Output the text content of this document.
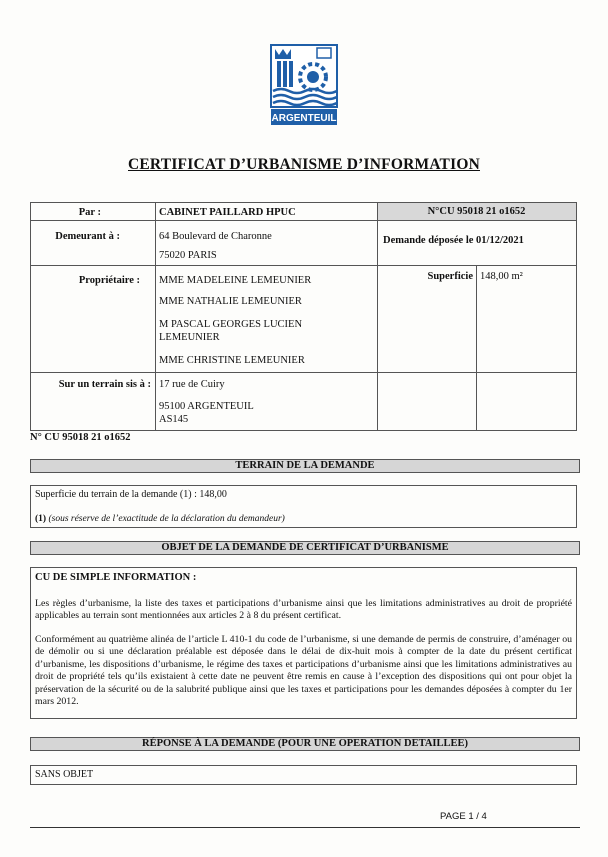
ARGENTEUIL
CERTIFICAT D’URBANISME D’INFORMATION
N°CU 95018 21 o1652
Par :	CABINET PAILLARD HPUC
Demeurant à :	64 Boulevard de Charonne
75020 PARIS
Demande déposée le 01/12/2021
Propriétaire : MME MADELEINE LEMEUNIER
MME NATHALIE LEMEUNIER
M PASCAL GEORGES LUCIEN LEMEUNIER
MME CHRISTINE LEMEUNIER
Superficie 148,00 m²
Sur un terrain sis à : 17 rue de Cuiry
95100 ARGENTEUIL
AS145
N° CU 95018 21 o1652
TERRAIN DE LA DEMANDE
Superficie du terrain de la demande (1) : 148,00
(1) (sous réserve de l’exactitude de la déclaration du demandeur)
OBJET DE LA DEMANDE DE CERTIFICAT D’URBANISME
CU DE SIMPLE INFORMATION :
Les règles d’urbanisme, la liste des taxes et participations d’urbanisme ainsi que les limitations administratives au droit de propriété applicables au terrain sont mentionnées aux articles 2 à 8 du présent certificat.
Conformément au quatrième alinéa de l’article L 410-1 du code de l’urbanisme, si une demande de permis de construire, d’aménager ou de démolir ou si une déclaration préalable est déposée dans le délai de dix-huit mois à compter de la date du présent certificat d’urbanisme, les dispositions d’urbanisme, le régime des taxes et participations d’urbanisme ainsi que les limitations administratives au droit de propriété tels qu’ils existaient à cette date ne peuvent être remis en cause à l’exception des dispositions qui ont pour objet la préservation de la sécurité ou de la salubrité publique ainsi que les taxes et participations pour les demandes déposées à compter du 1er mars 2012.
RÉPONSE À LA DEMANDE (POUR UNE OPERATION DETAILLEE)
SANS OBJET
PAGE 1 / 4
